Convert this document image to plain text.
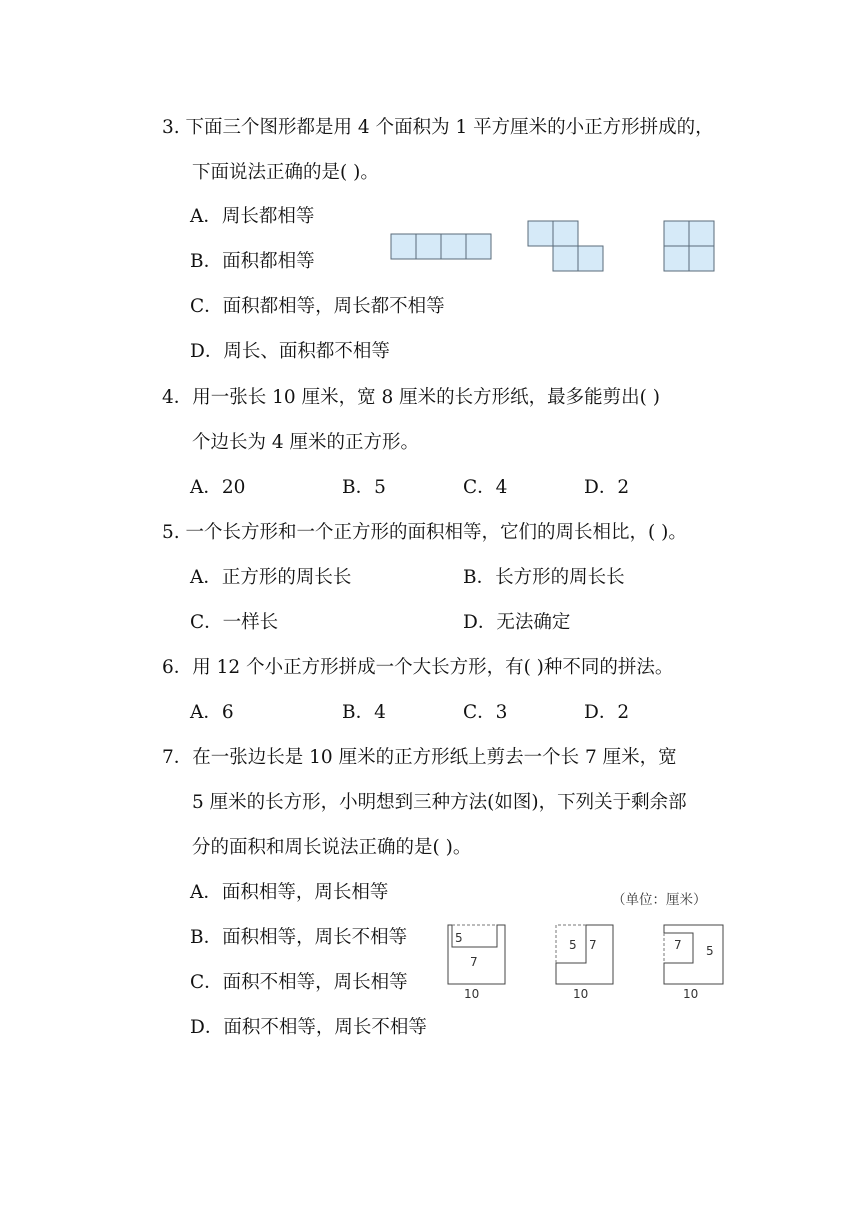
3. 下面三个图形都是用 4 个面积为 1 平方厘米的小正方形拼成的，
下面说法正确的是( )。
A．周长都相等
B．面积都相等
C．面积都相等，周长都不相等
D．周长、面积都不相等
4．用一张长 10 厘米，宽 8 厘米的长方形纸，最多能剪出( )
个边长为 4 厘米的正方形。
A．20	B．5	C．4	D．2
5. 一个长方形和一个正方形的面积相等，它们的周长相比，( )。
A．正方形的周长长	B．长方形的周长长
C．一样长	D．无法确定
6．用 12 个小正方形拼成一个大长方形，有( )种不同的拼法。
A．6	B．4	C．3	D．2
7．在一张边长是 10 厘米的正方形纸上剪去一个长 7 厘米，宽
5 厘米的长方形，小明想到三种方法(如图)，下列关于剩余部
分的面积和周长说法正确的是( )。
A．面积相等，周长相等
B．面积相等，周长不相等
C．面积不相等，周长相等
D．面积不相等，周长不相等
（单位：厘米）
5
7
10
5 7
10
7 5
10
